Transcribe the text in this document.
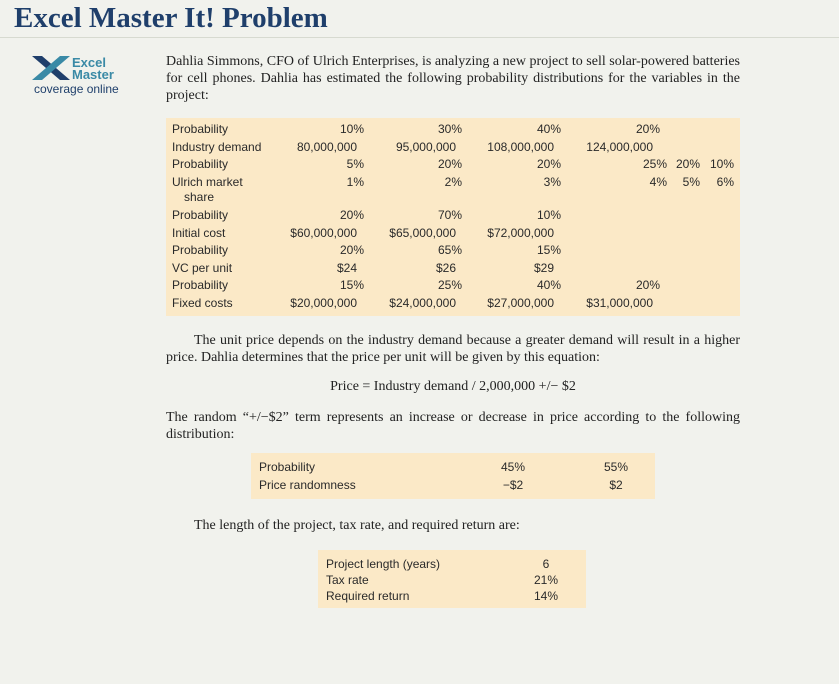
Excel Master It! Problem
Excel
Master
coverage online

Dahlia Simmons, CFO of Ulrich Enterprises, is analyzing a new project to sell solar-powered batteries for cell phones. Dahlia has estimated the following probability distributions for the variables in the project:

Probability	10%	30%	40%	20%
Industry demand	80,000,000	95,000,000	108,000,000	124,000,000
Probability	5%	20%	20%	25% 20% 10%
Ulrich market
share
1%	2%	3%	4% 5% 6%
Probability	20%	70%	10%
Initial cost	$60,000,000	$65,000,000	$72,000,000
Probability	20%	65%	15%
VC per unit	$24	$26	$29
Probability	15%	25%	40%	20%
Fixed costs	$20,000,000	$24,000,000	$27,000,000	$31,000,000

The unit price depends on the industry demand because a greater demand will result in a higher price. Dahlia determines that the price per unit will be given by this equation:

Price = Industry demand / 2,000,000 +/− $2

The random “+/−$2” term represents an increase or decrease in price according to the following distribution:

Probability	45%	55%
Price randomness	−$2	$2

The length of the project, tax rate, and required return are:

Project length (years)	6
Tax rate	21%
Required return	14%
